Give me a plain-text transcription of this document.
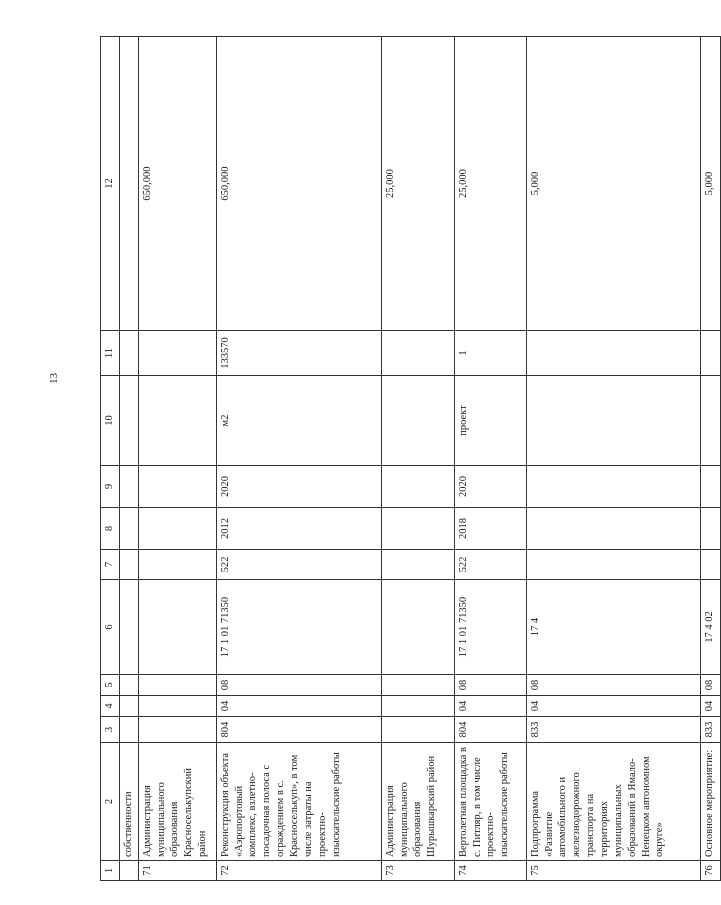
13
1	2	3	4	5	6	7	8	9	10	11	12
	собственности										
71	Администрация муниципального образования Красноселькупский район										650,000
72	Реконструкция объекта «Аэропортовый комплекс, взлетно-посадочная полоса с ограждением в с. Красноселькуп», в том числе затраты на проектно-изыскательские работы	804	04	08	17 1 01 71350	522	2012	2020	м2	133570	650,000
73	Администрация муниципального образования Шурышкарский район										25,000
74	Вертолетная площадка в с. Питляр, в том числе проектно-изыскательские работы	804	04	08	17 1 01 71350	522	2018	2020	проект	1	25,000
75	Подпрограмма «Развитие автомобильного и железнодорожного транспорта на территориях муниципальных образований в Ямало-Ненецком автономном округе»	833	04	08	17 4						5,000
76	Основное мероприятие:	833	04	08	17 4 02						5,000
